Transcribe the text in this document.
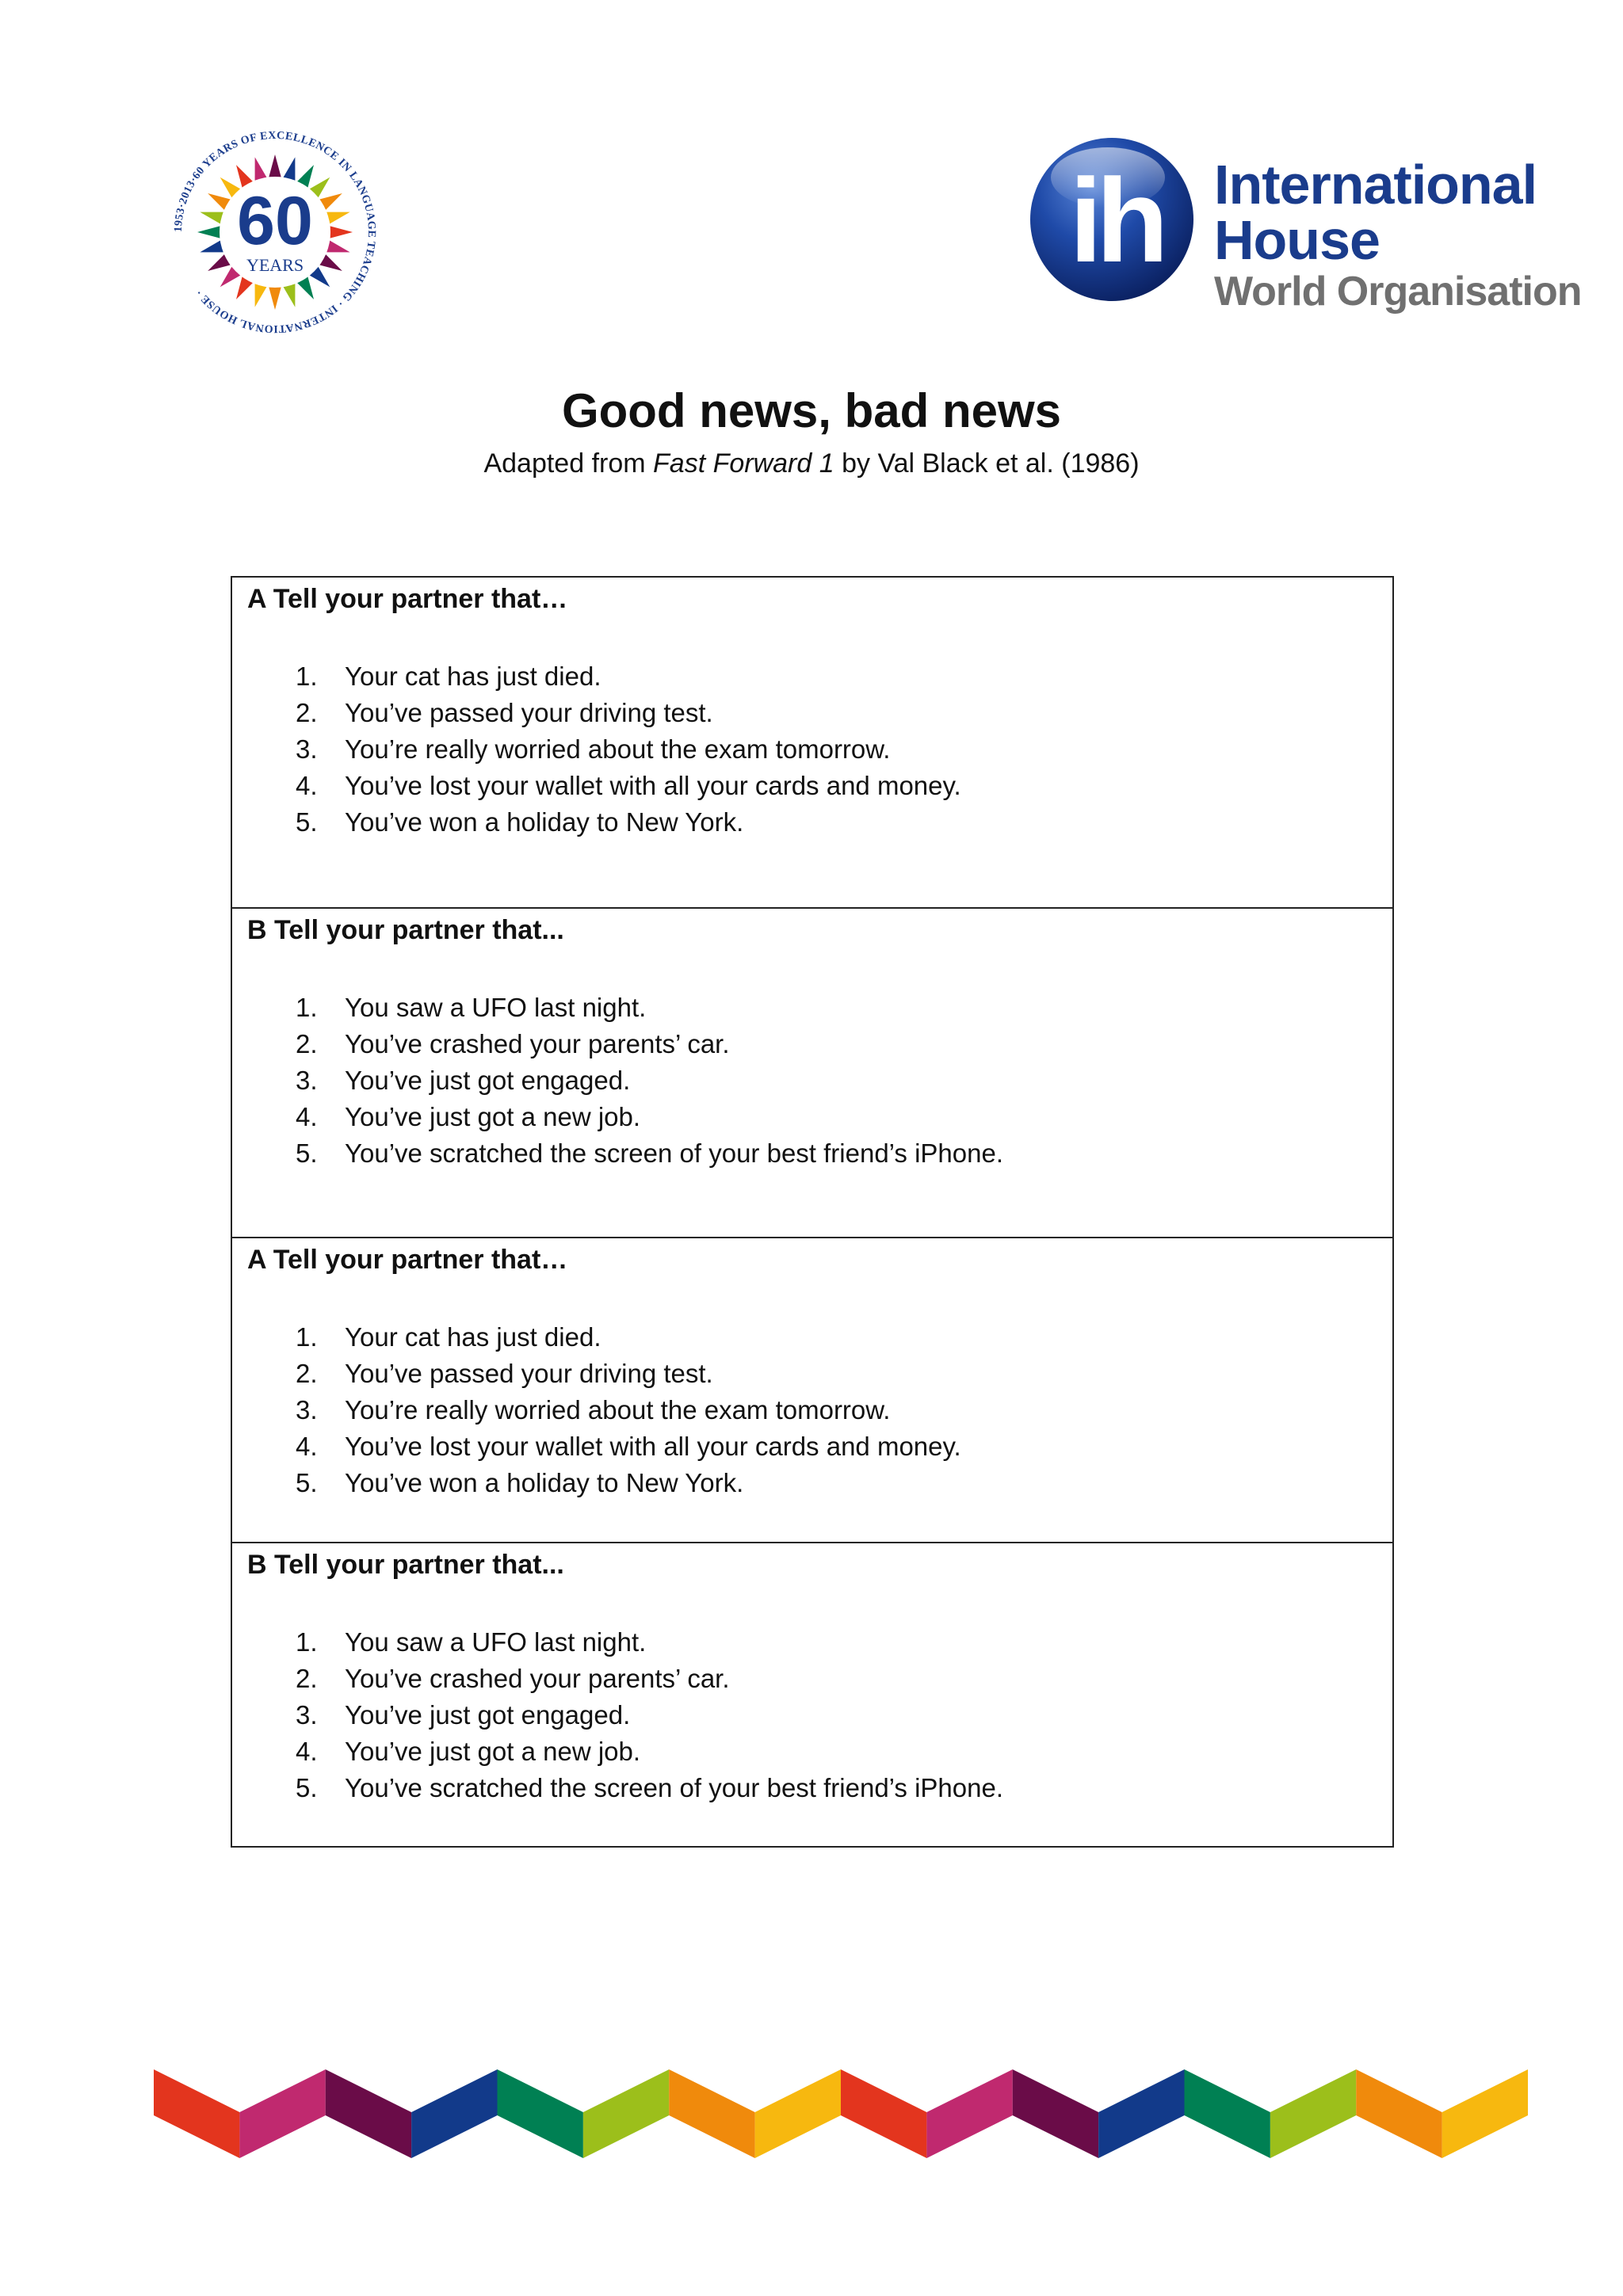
1953·2013·60 YEARS OF EXCELLENCE IN LANGUAGE TEACHING · INTERNATIONAL HOUSE ·
60
YEARS	ih International
House
World Organisation
Good news, bad news

Adapted from Fast Forward 1 by Val Black et al. (1986)

A Tell your partner that…

1. Your cat has just died.
2. You’ve passed your driving test.
3. You’re really worried about the exam tomorrow.
4. You’ve lost your wallet with all your cards and money.
5. You’ve won a holiday to New York.

B Tell your partner that...

1. You saw a UFO last night.
2. You’ve crashed your parents’ car.
3. You’ve just got engaged.
4. You’ve just got a new job.
5. You’ve scratched the screen of your best friend’s iPhone.

A Tell your partner that…

1. Your cat has just died.
2. You’ve passed your driving test.
3. You’re really worried about the exam tomorrow.
4. You’ve lost your wallet with all your cards and money.
5. You’ve won a holiday to New York.

B Tell your partner that...

1. You saw a UFO last night.
2. You’ve crashed your parents’ car.
3. You’ve just got engaged.
4. You’ve just got a new job.
5. You’ve scratched the screen of your best friend’s iPhone.
